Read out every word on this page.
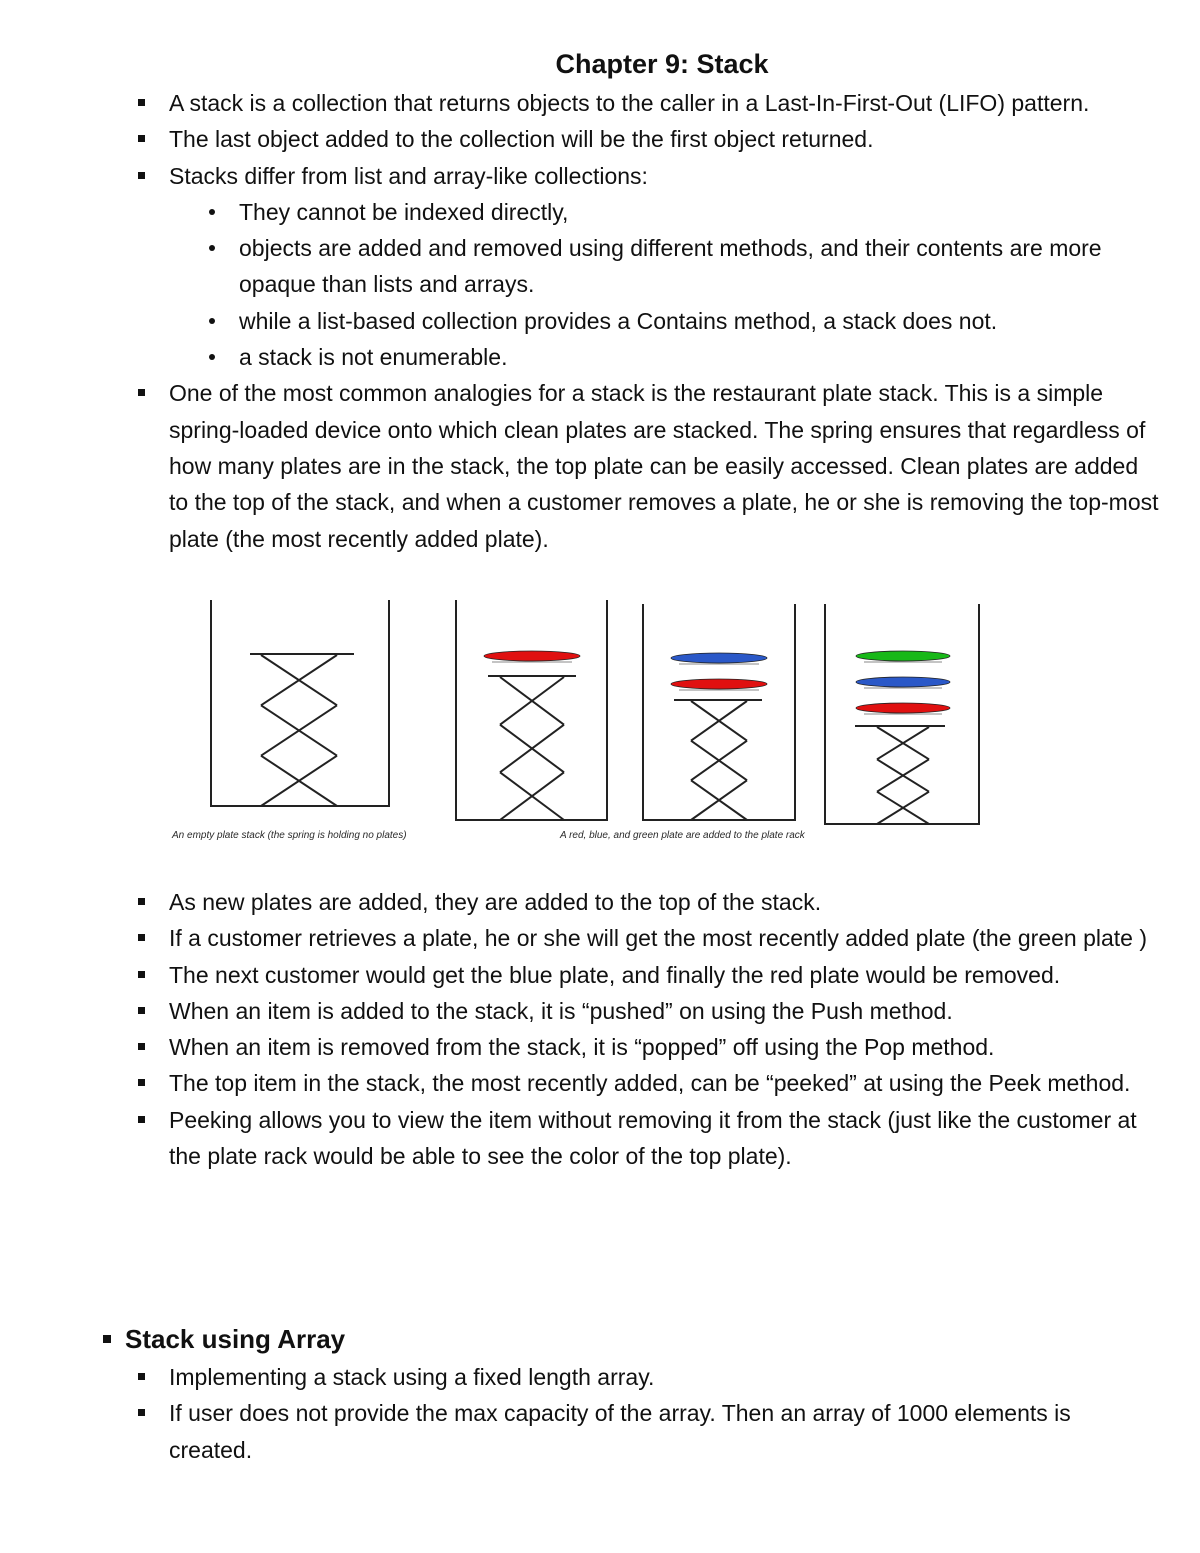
Chapter 9: Stack
A stack is a collection that returns objects to the caller in a Last-In-First-Out (LIFO) pattern.
The last object added to the collection will be the first object returned.
Stacks differ from list and array-like collections:
They cannot be indexed directly,
objects are added and removed using different methods, and their contents are more opaque than lists and arrays.
while a list-based collection provides a Contains method, a stack does not.
a stack is not enumerable.
One of the most common analogies for a stack is the restaurant plate stack. This is a simple spring-loaded device onto which clean plates are stacked. The spring ensures that regardless of how many plates are in the stack, the top plate can be easily accessed. Clean plates are added to the top of the stack, and when a customer removes a plate, he or she is removing the top-most plate (the most recently added plate).
An empty plate stack (the spring is holding no plates)	A red, blue, and green plate are added to the plate rack
As new plates are added, they are added to the top of the stack.
If a customer retrieves a plate, he or she will get the most recently added plate (the green plate )
The next customer would get the blue plate, and finally the red plate would be removed.
When an item is added to the stack, it is “pushed” on using the Push method.
When an item is removed from the stack, it is “popped” off using the Pop method.
The top item in the stack, the most recently added, can be “peeked” at using the Peek method.
Peeking allows you to view the item without removing it from the stack (just like the customer at the plate rack would be able to see the color of the top plate).
Stack using Array
Implementing a stack using a fixed length array.
If user does not provide the max capacity of the array. Then an array of 1000 elements is created.
